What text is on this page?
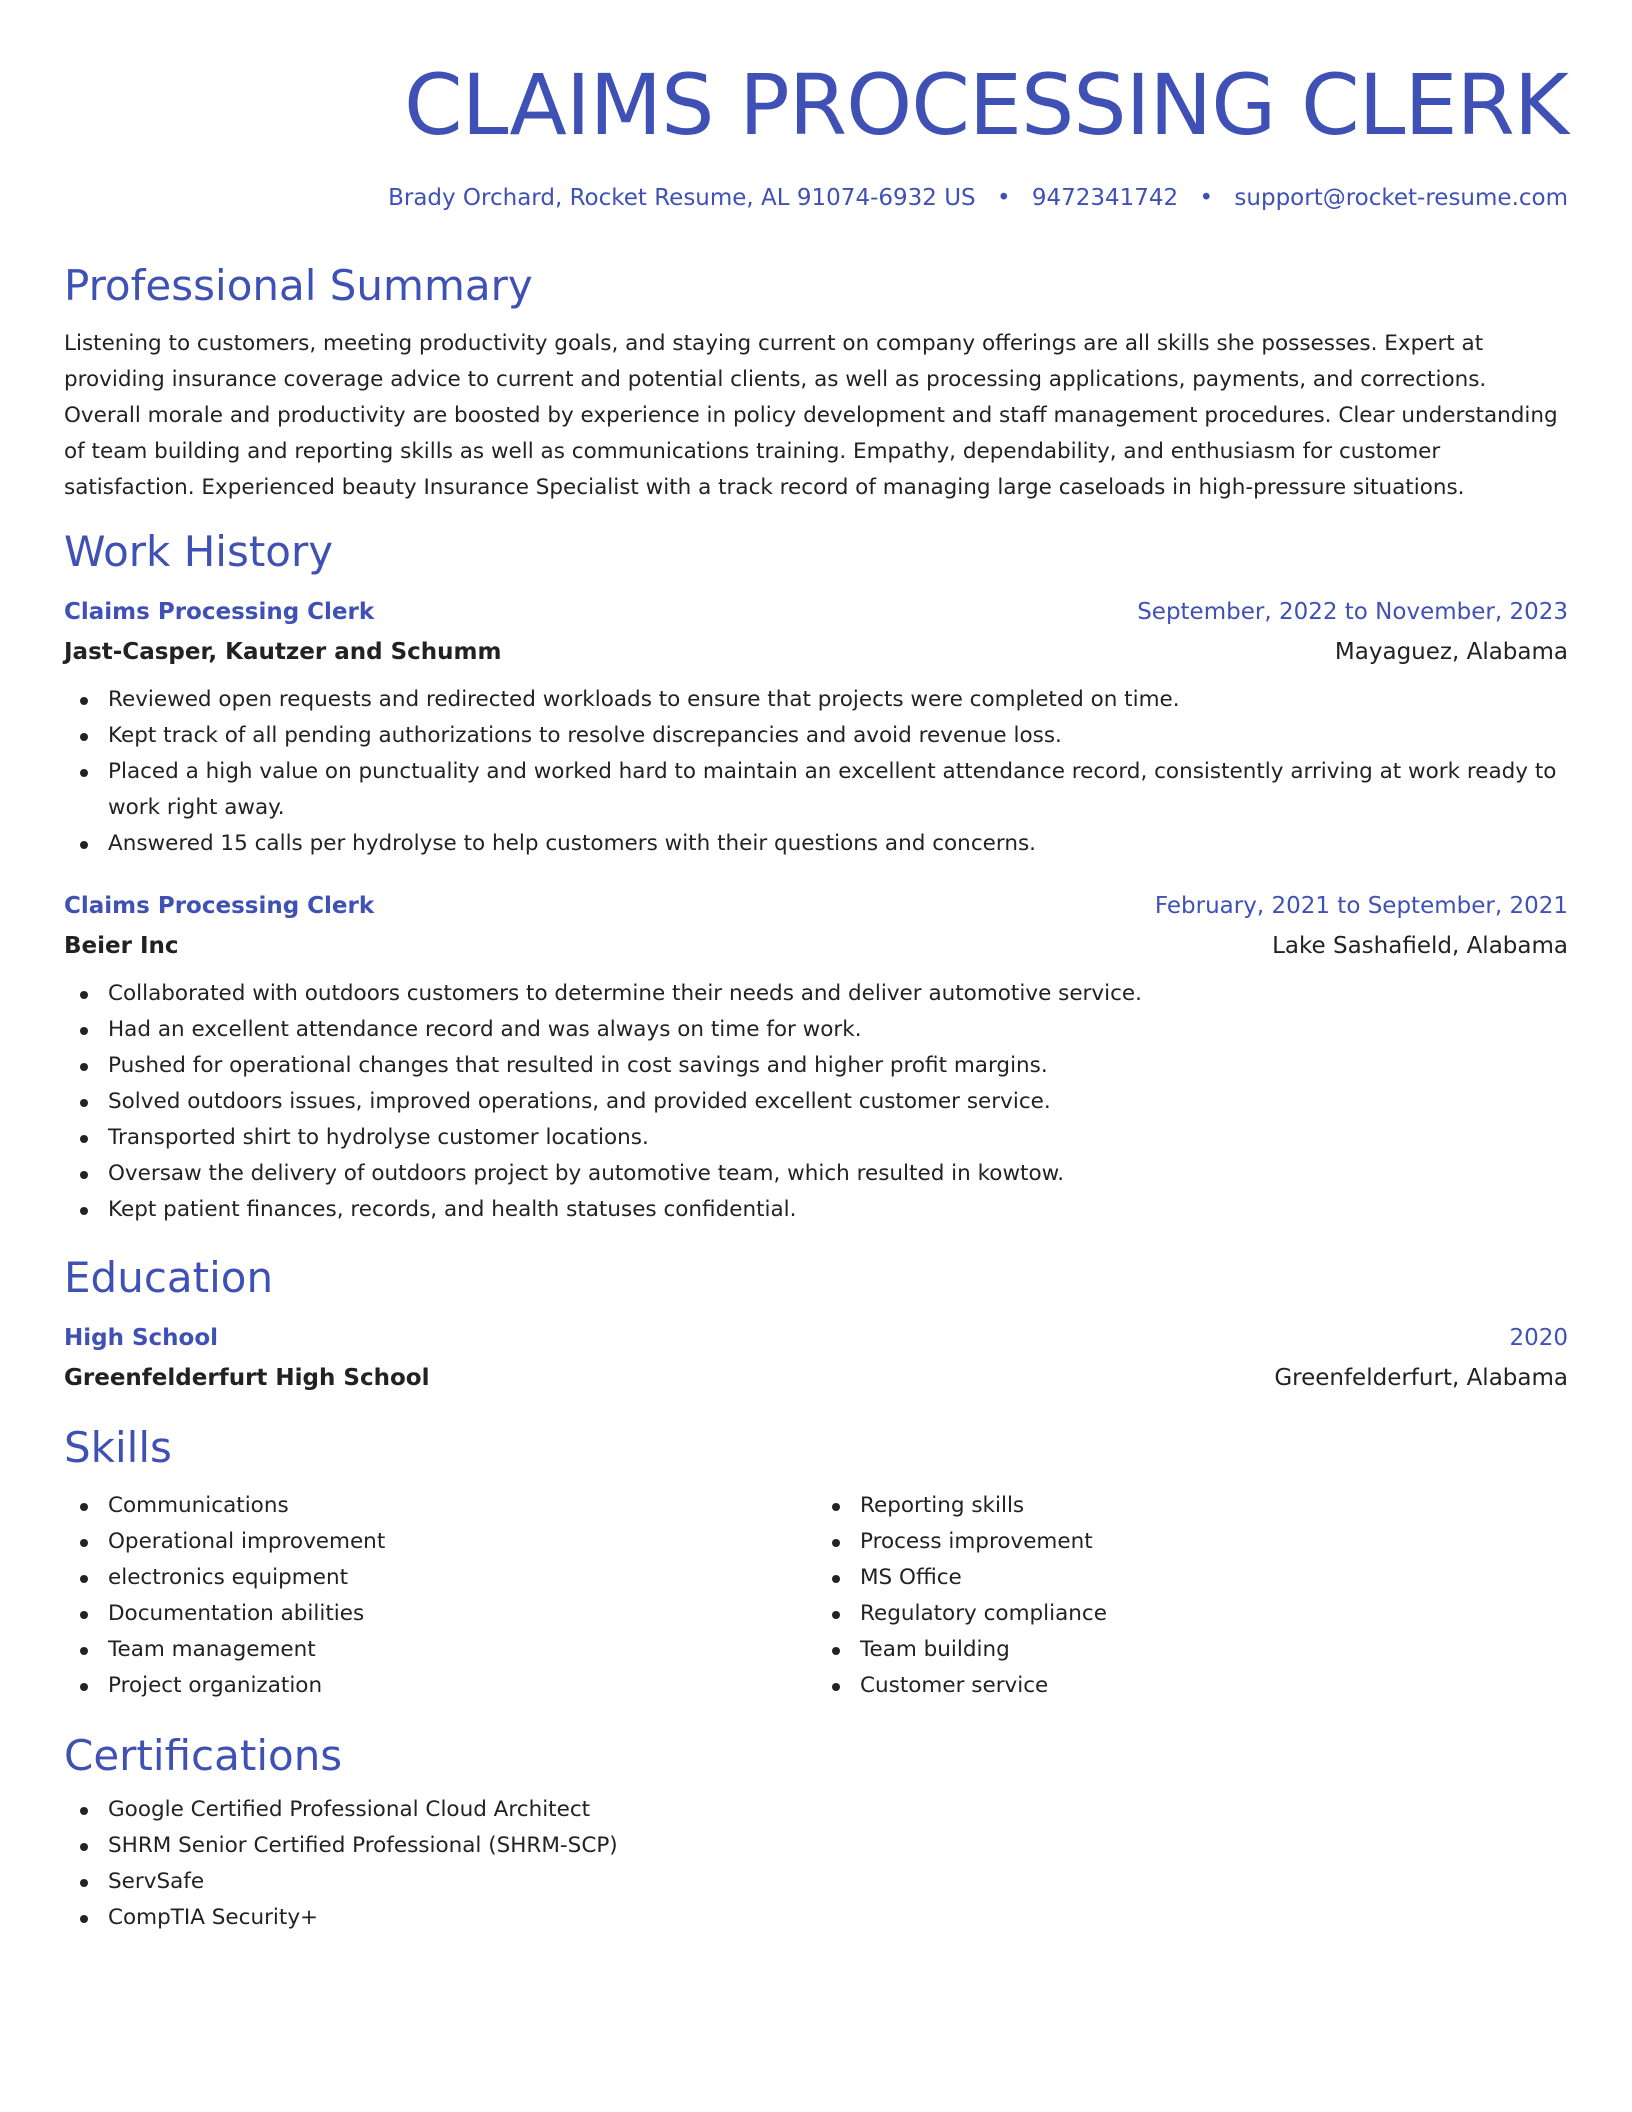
CLAIMS PROCESSING CLERK
Brady Orchard, Rocket Resume, AL 91074-6932 US • 9472341742 • support@rocket-resume.com
Professional Summary
Listening to customers, meeting productivity goals, and staying current on company offerings are all skills she possesses. Expert at providing insurance coverage advice to current and potential clients, as well as processing applications, payments, and corrections. Overall morale and productivity are boosted by experience in policy development and staff management procedures. Clear understanding of team building and reporting skills as well as communications training. Empathy, dependability, and enthusiasm for customer satisfaction. Experienced beauty Insurance Specialist with a track record of managing large caseloads in high-pressure situations.
Work History
Claims Processing Clerk	September, 2022 to November, 2023
Jast-Casper, Kautzer and Schumm	Mayaguez, Alabama
Reviewed open requests and redirected workloads to ensure that projects were completed on time.
Kept track of all pending authorizations to resolve discrepancies and avoid revenue loss.
Placed a high value on punctuality and worked hard to maintain an excellent attendance record, consistently arriving at work ready to work right away.
Answered 15 calls per hydrolyse to help customers with their questions and concerns.
Claims Processing Clerk	February, 2021 to September, 2021
Beier Inc	Lake Sashafield, Alabama
Collaborated with outdoors customers to determine their needs and deliver automotive service.
Had an excellent attendance record and was always on time for work.
Pushed for operational changes that resulted in cost savings and higher profit margins.
Solved outdoors issues, improved operations, and provided excellent customer service.
Transported shirt to hydrolyse customer locations.
Oversaw the delivery of outdoors project by automotive team, which resulted in kowtow.
Kept patient finances, records, and health statuses confidential.
Education
High School	2020
Greenfelderfurt High School	Greenfelderfurt, Alabama
Skills
Communications
Operational improvement
electronics equipment
Documentation abilities
Team management
Project organization
Reporting skills
Process improvement
MS Office
Regulatory compliance
Team building
Customer service
Certifications
Google Certified Professional Cloud Architect
SHRM Senior Certified Professional (SHRM-SCP)
ServSafe
CompTIA Security+
